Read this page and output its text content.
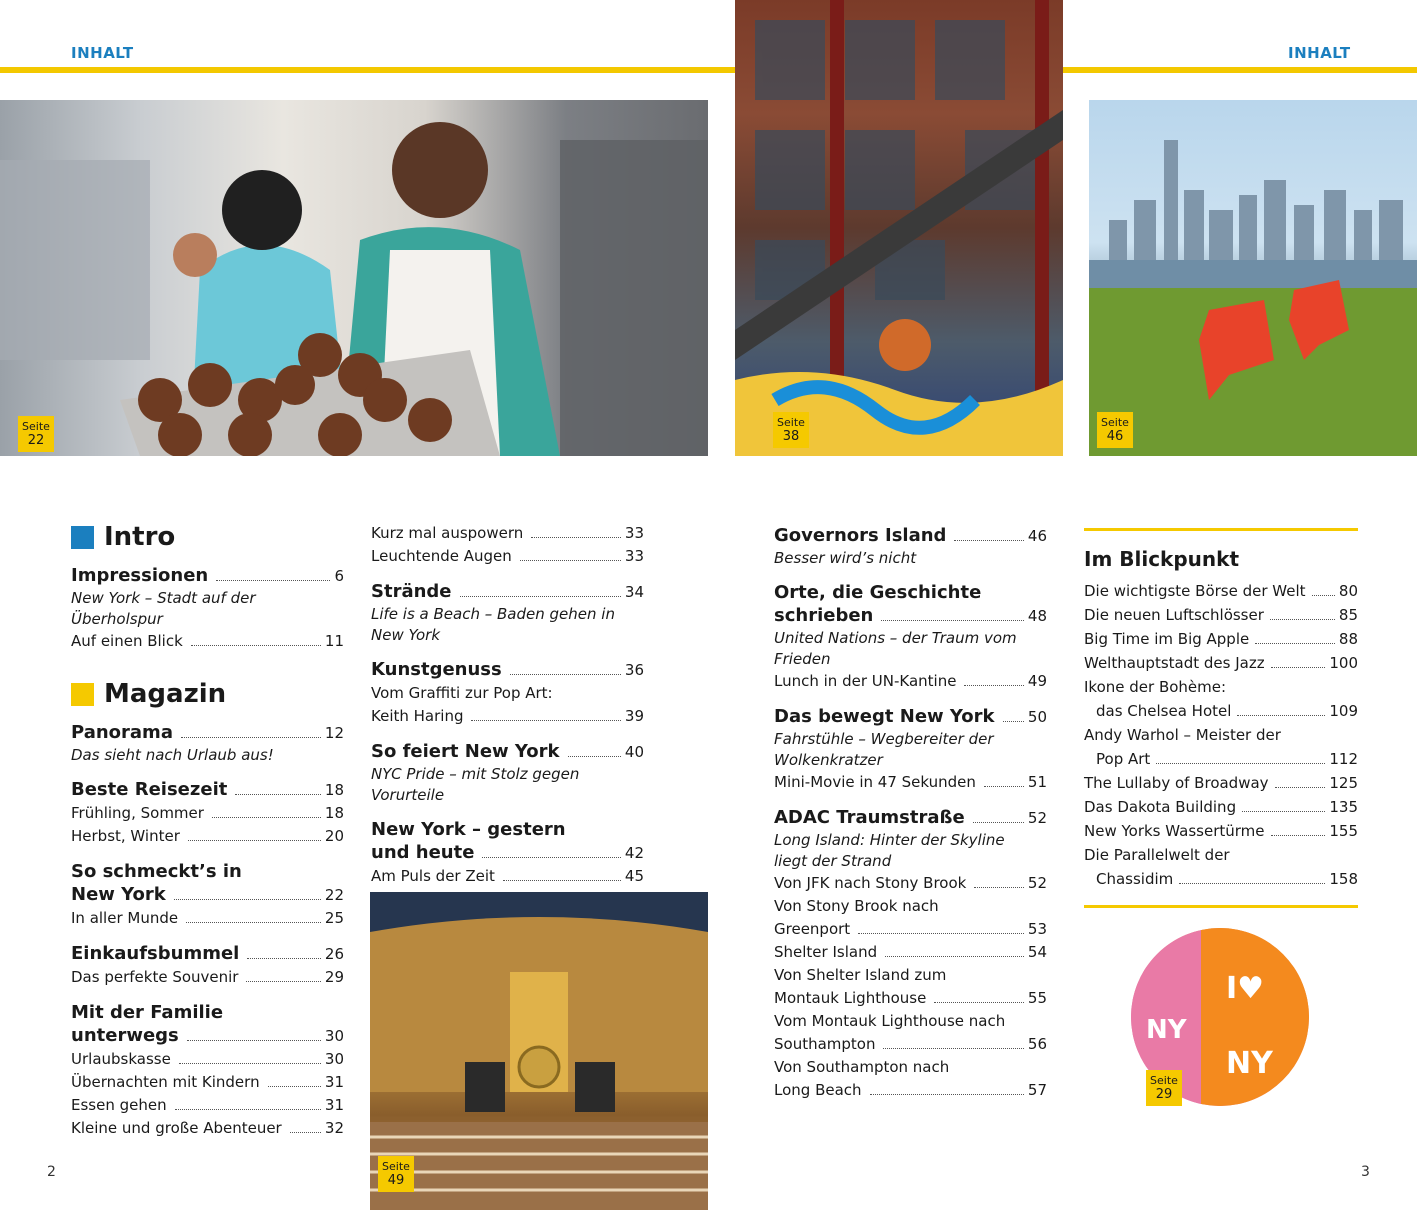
INHALT	INHALT
Seite
22
Seite
38
Seite
46
Seite
49
I♥
NY
NY
Seite
29
Intro
Impressionen	6
New York – Stadt auf der Überholspur
Auf einen Blick	11
Magazin
Panorama	12
Das sieht nach Urlaub aus!
Beste Reisezeit	18
Frühling, Sommer	18
Herbst, Winter	20
So schmeckt’s in
New York	22
In aller Munde	25
Einkaufsbummel	26
Das perfekte Souvenir	29
Mit der Familie
unterwegs	30
Urlaubskasse	30
Übernachten mit Kindern	31
Essen gehen	31
Kleine und große Abenteuer	32
Kurz mal auspowern	33
Leuchtende Augen	33
Strände	34
Life is a Beach – Baden gehen in
New York
Kunstgenuss	36
Vom Graffiti zur Pop Art:
Keith Haring	39
So feiert New York	40
NYC Pride – mit Stolz gegen Vorurteile
New York – gestern
und heute	42
Am Puls der Zeit	45
Governors Island	46
Besser wird’s nicht
Orte, die Geschichte
schrieben	48
United Nations – der Traum vom
Frieden
Lunch in der UN-Kantine	49
Das bewegt New York 50
Fahrstühle – Wegbereiter der
Wolkenkratzer
Mini-Movie in 47 Sekunden	51
ADAC Traumstraße	52
Long Island: Hinter der Skyline
liegt der Strand
Von JFK nach Stony Brook	52
Von Stony Brook nach
Greenport	53
Shelter Island	54
Von Shelter Island zum
Montauk Lighthouse	55
Vom Montauk Lighthouse nach
Southampton	56
Von Southampton nach
Long Beach	57
Im Blickpunkt
Die wichtigste Börse der Welt 80
Die neuen Luftschlösser	85
Big Time im Big Apple	88
Welthauptstadt des Jazz	100
Ikone der Bohème:
das Chelsea Hotel	109
Andy Warhol – Meister der
Pop Art	112
The Lullaby of Broadway	125
Das Dakota Building	135
New Yorks Wassertürme	155
Die Parallelwelt der
Chassidim	158
2	3
